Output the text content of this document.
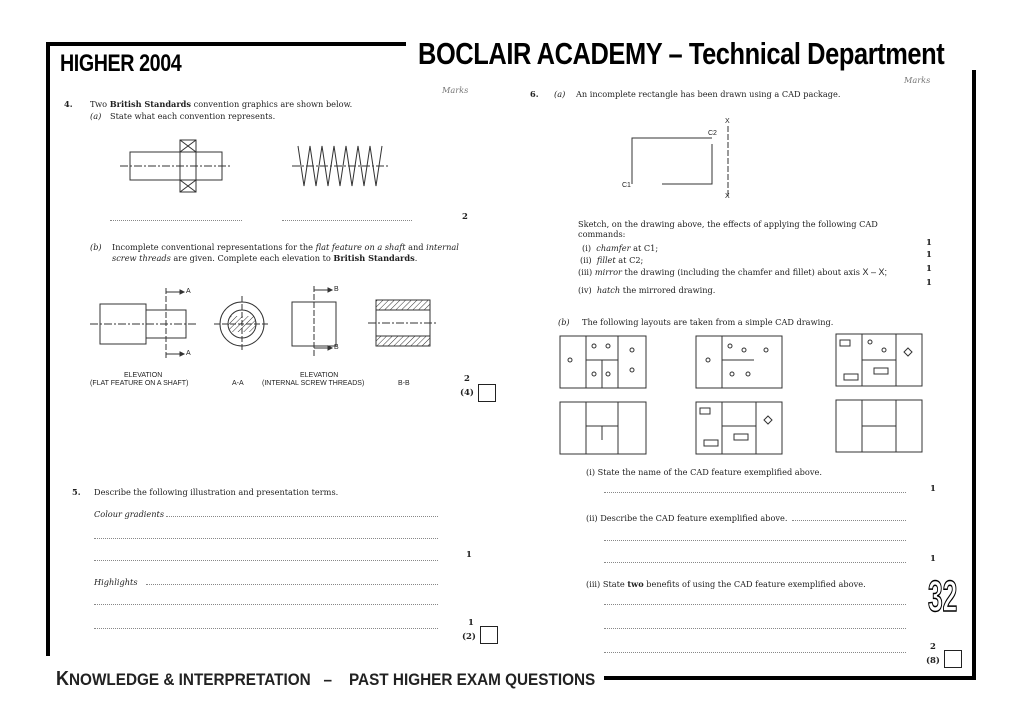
HIGHER 2004	BOCLAIR ACADEMY – Technical Department
Marks
4. Two British Standards convention graphics are shown below.
(a) State what each convention represents.
2
(b) Incomplete conventional representations for the flat feature on a shaft and internal
screw threads are given. Complete each elevation to British Standards.
A
A
B
B
ELEVATION
(FLAT FEATURE ON A SHAFT)	A-A
ELEVATION
(INTERNAL SCREW THREADS)	B-B	2
(4)
5. Describe the following illustration and presentation terms.
Colour gradients
1
Highlights
1
(2)
Marks
6. (a) An incomplete rectangle has been drawn using a CAD package.
X
X
C2
C1
Sketch, on the drawing above, the effects of applying the following CAD
commands:
(i) chamfer at C1;	1
(ii) fillet at C2;	1
(iii) mirror the drawing (including the chamfer and fillet) about axis X – X;	1
(iv) hatch the mirrored drawing.
1
(b) The following layouts are taken from a simple CAD drawing.
(i) State the name of the CAD feature exemplified above.
1
(ii) Describe the CAD feature exemplified above.
1
(iii) State two benefits of using the CAD feature exemplified above.
2
(8)
32
KNOWLEDGE & INTERPRETATION – PAST HIGHER EXAM QUESTIONS
